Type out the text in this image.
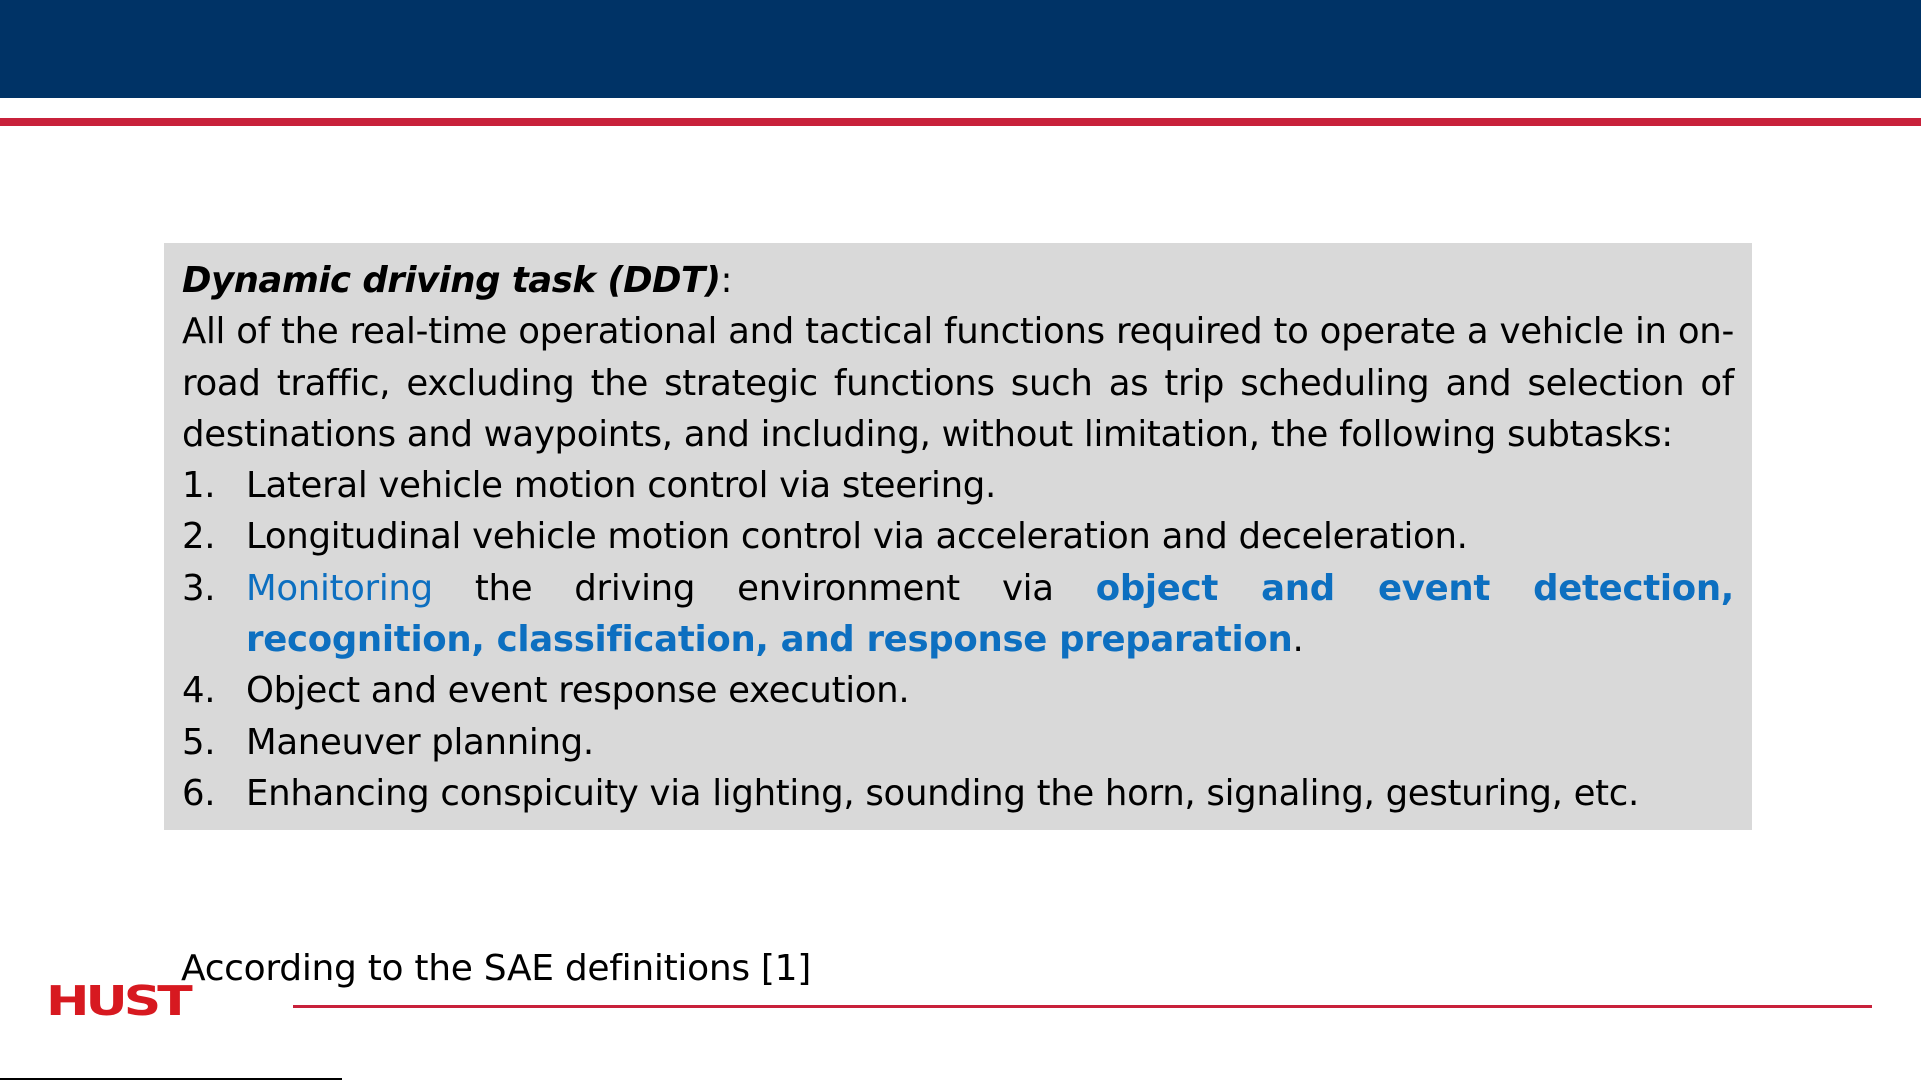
Dynamic driving task (DDT):
All of the real-time operational and tactical functions required to operate a vehicle in on-road traffic, excluding the strategic functions such as trip scheduling and selection of destinations and waypoints, and including, without limitation, the following subtasks:
1. Lateral vehicle motion control via steering.
2. Longitudinal vehicle motion control via acceleration and deceleration.
3. Monitoring the driving environment via object and event detection, recognition, classification, and response preparation.
4. Object and event response execution.
5. Maneuver planning.
6. Enhancing conspicuity via lighting, sounding the horn, signaling, gesturing, etc.
According to the SAE definitions [1]
HUST
